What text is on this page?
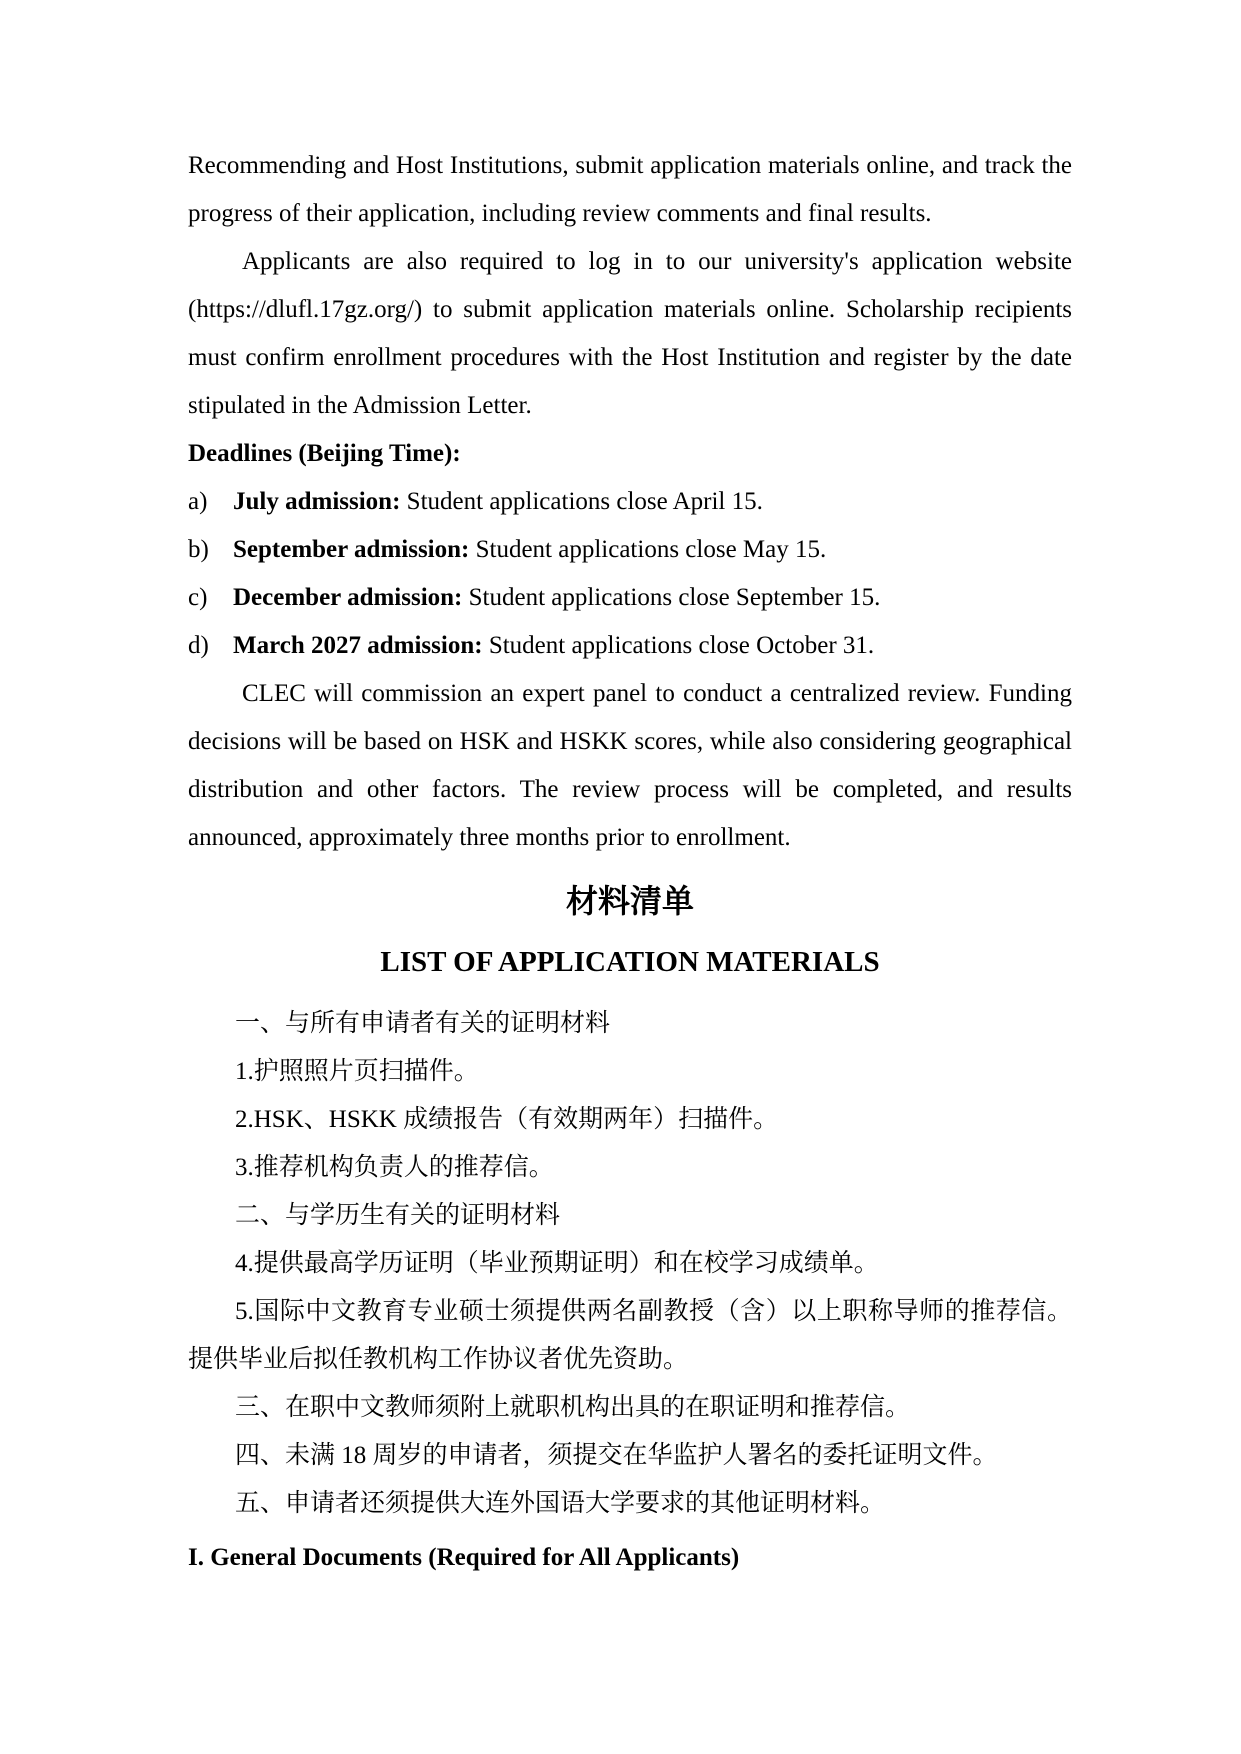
Recommending and Host Institutions, submit application materials online, and track the progress of their application, including review comments and final results.

Applicants are also required to log in to our university's application website (https://dlufl.17gz.org/) to submit application materials online. Scholarship recipients must confirm enrollment procedures with the Host Institution and register by the date stipulated in the Admission Letter.

Deadlines (Beijing Time):

a)	July admission: Student applications close April 15.
b) September admission: Student applications close May 15.
c)	December admission: Student applications close September 15.
d) March 2027 admission: Student applications close October 31.

CLEC will commission an expert panel to conduct a centralized review. Funding decisions will be based on HSK and HSKK scores, while also considering geographical distribution and other factors. The review process will be completed, and results announced, approximately three months prior to enrollment.

材料清单
LIST OF APPLICATION MATERIALS

一、与所有申请者有关的证明材料

1.护照照片页扫描件。

2.HSK、HSKK 成绩报告（有效期两年）扫描件。

3.推荐机构负责人的推荐信。

二、与学历生有关的证明材料

4.提供最高学历证明（毕业预期证明）和在校学习成绩单。

5.国际中文教育专业硕士须提供两名副教授（含）以上职称导师的推荐信。提供毕业后拟任教机构工作协议者优先资助。

三、在职中文教师须附上就职机构出具的在职证明和推荐信。

四、未满 18 周岁的申请者，须提交在华监护人署名的委托证明文件。

五、申请者还须提供大连外国语大学要求的其他证明材料。

I. General Documents (Required for All Applicants)
